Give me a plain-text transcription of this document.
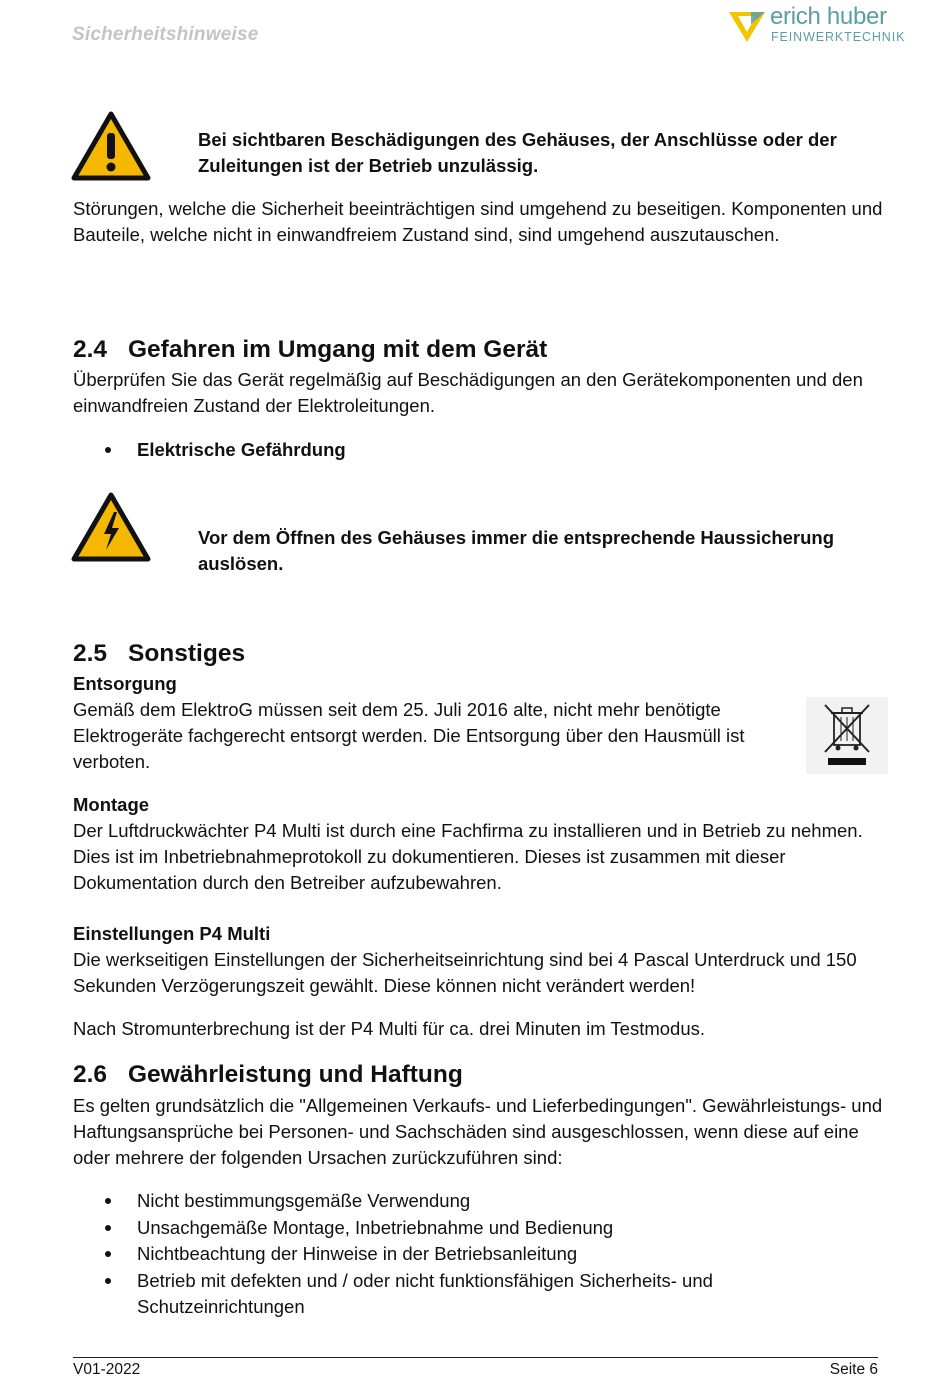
Sicherheitshinweise
erich huber
FEINWERKTECHNIK
Bei sichtbaren Beschädigungen des Gehäuses, der Anschlüsse oder der Zuleitungen ist der Betrieb unzulässig.
Störungen, welche die Sicherheit beeinträchtigen sind umgehend zu beseitigen. Komponenten und Bauteile, welche nicht in einwandfreiem Zustand sind, sind umgehend auszutauschen.
2.4 Gefahren im Umgang mit dem Gerät
Überprüfen Sie das Gerät regelmäßig auf Beschädigungen an den Gerätekomponenten und den einwandfreien Zustand der Elektroleitungen.
Elektrische Gefährdung
Vor dem Öffnen des Gehäuses immer die entsprechende Haussicherung auslösen.
2.5 Sonstiges
Entsorgung
Gemäß dem ElektroG müssen seit dem 25. Juli 2016 alte, nicht mehr benötigte Elektrogeräte fachgerecht entsorgt werden. Die Entsorgung über den Hausmüll ist verboten.
Montage
Der Luftdruckwächter P4 Multi ist durch eine Fachfirma zu installieren und in Betrieb zu nehmen. Dies ist im Inbetriebnahmeprotokoll zu dokumentieren. Dieses ist zusammen mit dieser Dokumentation durch den Betreiber aufzubewahren.
Einstellungen P4 Multi
Die werkseitigen Einstellungen der Sicherheitseinrichtung sind bei 4 Pascal Unterdruck und 150 Sekunden Verzögerungszeit gewählt. Diese können nicht verändert werden!
Nach Stromunterbrechung ist der P4 Multi für ca. drei Minuten im Testmodus.
2.6 Gewährleistung und Haftung
Es gelten grundsätzlich die "Allgemeinen Verkaufs- und Lieferbedingungen". Gewährleistungs- und Haftungsansprüche bei Personen- und Sachschäden sind ausgeschlossen, wenn diese auf eine oder mehrere der folgenden Ursachen zurückzuführen sind:
Nicht bestimmungsgemäße Verwendung
Unsachgemäße Montage, Inbetriebnahme und Bedienung
Nichtbeachtung der Hinweise in der Betriebsanleitung
Betrieb mit defekten und / oder nicht funktionsfähigen Sicherheits- und Schutzeinrichtungen
V01-2022	Seite 6
